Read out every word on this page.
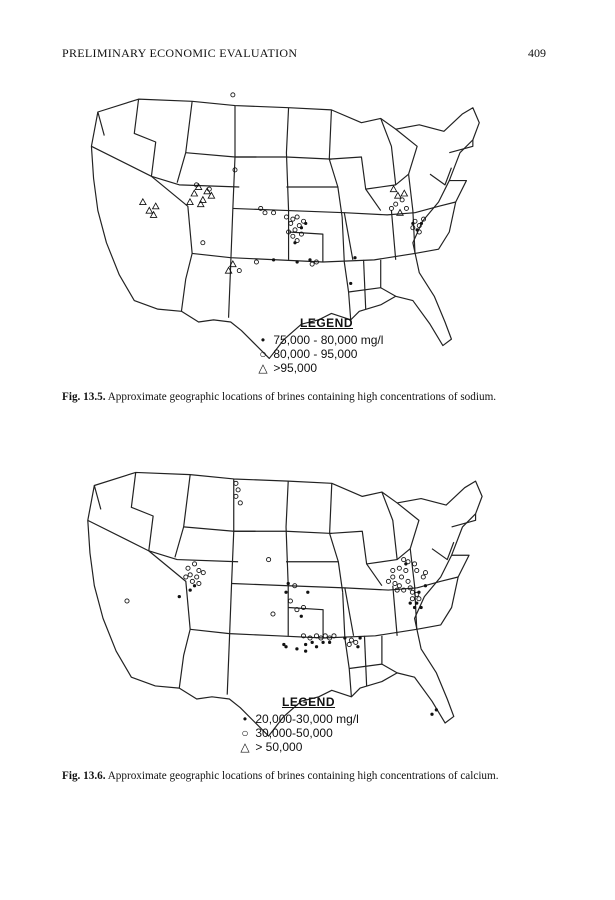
PRELIMINARY ECONOMIC EVALUATION	409
LEGEND
• 75,000 - 80,000 mg/l
○ 80,000 - 95,000
△ >95,000
Fig. 13.5. Approximate geographic locations of brines containing high concentrations of sodium.
LEGEND
• 20,000-30,000 mg/l
○ 30,000-50,000
△ > 50,000
Fig. 13.6. Approximate geographic locations of brines containing high concentrations of calcium.
